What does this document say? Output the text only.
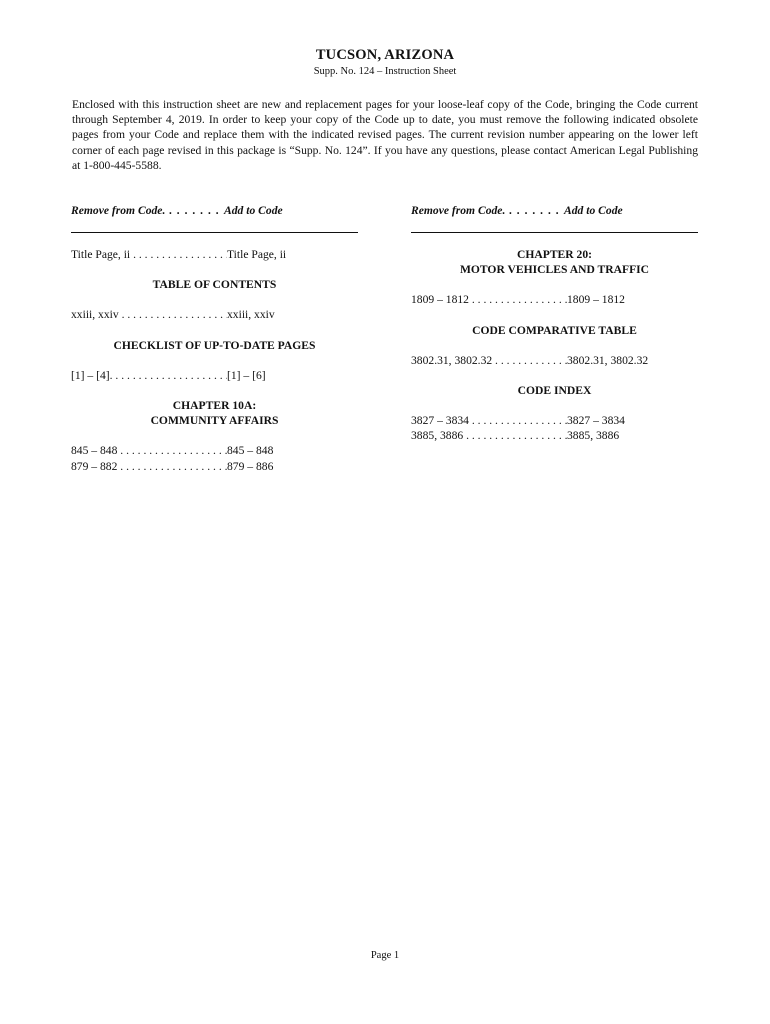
TUCSON, ARIZONA
Supp. No. 124 – Instruction Sheet
Enclosed with this instruction sheet are new and replacement pages for your loose-leaf copy of the Code, bringing the Code current through September 4, 2019. In order to keep your copy of the Code up to date, you must remove the following indicated obsolete pages from your Code and replace them with the indicated revised pages. The current revision number appearing on the lower left corner of each page revised in this package is “Supp. No. 124”. If you have any questions, please contact American Legal Publishing at 1-800-445-5588.
Remove from Code. . . . . . . . Add to Code
Title Page, ii . . .	Title Page, ii
TABLE OF CONTENTS
xxiii, xxiv . . .	xxiii, xxiv
CHECKLIST OF UP-TO-DATE PAGES
[1] – [4]. . . .	[1] – [6]
CHAPTER 10A:
COMMUNITY AFFAIRS
845 – 848 . . .	845 – 848
879 – 882 . . .	879 – 886
Remove from Code. . . . . . . . Add to Code
CHAPTER 20:
MOTOR VEHICLES AND TRAFFIC
1809 – 1812 . . .	1809 – 1812
CODE COMPARATIVE TABLE
3802.31, 3802.32 . . .	3802.31, 3802.32
CODE INDEX
3827 – 3834 . . .	3827 – 3834
3885, 3886 . . .	3885, 3886
Page 1
